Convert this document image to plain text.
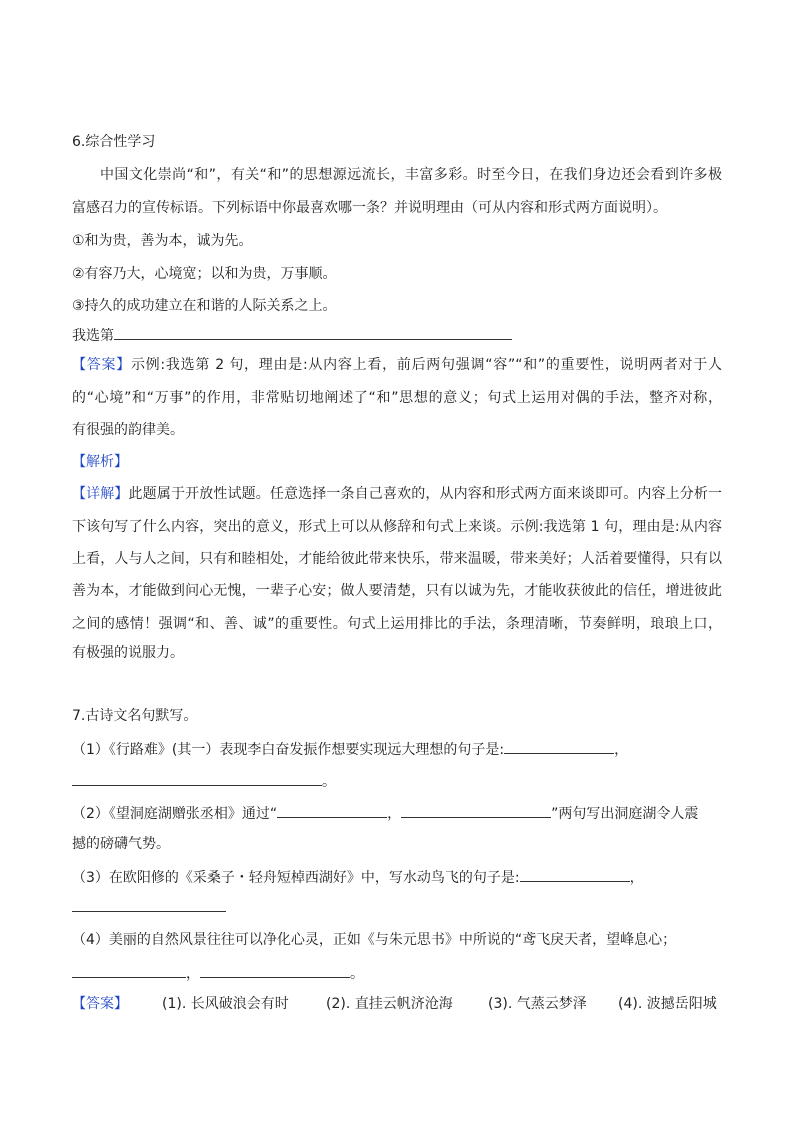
6.综合性学习
中国文化崇尚“和”，有关“和”的思想源远流长，丰富多彩。时至今日，在我们身边还会看到许多极
富感召力的宣传标语。下列标语中你最喜欢哪一条？并说明理由（可从内容和形式两方面说明）。
①和为贵，善为本，诚为先。
②有容乃大，心境宽；以和为贵，万事顺。
③持久的成功建立在和谐的人际关系之上。
我选第
【答案】示例:我选第 2 句，理由是:从内容上看，前后两句强调“容”“和”的重要性，说明两者对于人
的“心境”和“万事”的作用，非常贴切地阐述了“和”思想的意义；句式上运用对偶的手法，整齐对称，
有很强的韵律美。
【解析】
【详解】此题属于开放性试题。任意选择一条自己喜欢的，从内容和形式两方面来谈即可。内容上分析一
下该句写了什么内容，突出的意义，形式上可以从修辞和句式上来谈。示例:我选第 1 句，理由是:从内容
上看，人与人之间，只有和睦相处，才能给彼此带来快乐，带来温暖，带来美好；人活着要懂得，只有以
善为本，才能做到问心无愧，一辈子心安；做人要清楚，只有以诚为先，才能收获彼此的信任，增进彼此
之间的感情！强调“和、善、诚”的重要性。句式上运用排比的手法，条理清晰，节奏鲜明，琅琅上口，
有极强的说服力。
7.古诗文名句默写。
（1）《行路难》(其一）表现李白奋发振作想要实现远大理想的句子是:	，
。
（2）《望洞庭湖赠张丞相》通过“	，	”两句写出洞庭湖令人震
撼的磅礴气势。
（3）在欧阳修的《采桑子・轻舟短棹西湖好》中，写水动鸟飞的句子是:	，
（4）美丽的自然风景往往可以净化心灵，正如《与朱元思书》中所说的“鸢飞戾天者，望峰息心；
，	。
【答案】 (1). 长风破浪会有时	(2). 直挂云帆济沧海	(3). 气蒸云梦泽 (4). 波撼岳阳城
